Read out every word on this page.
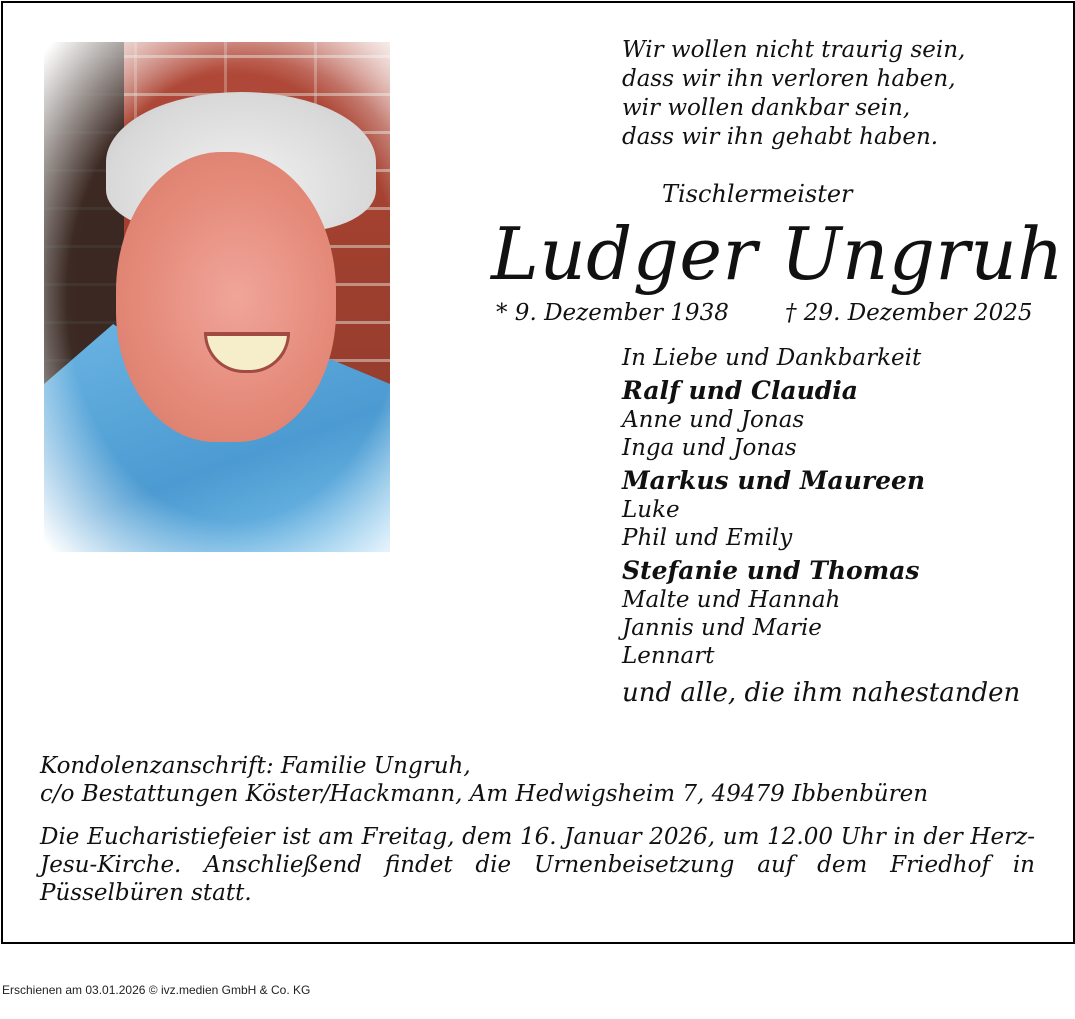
Wir wollen nicht traurig sein,
dass wir ihn verloren haben,
wir wollen dankbar sein,
dass wir ihn gehabt haben.
Tischlermeister
Ludger Ungruh
* 9. Dezember 1938 † 29. Dezember 2025
In Liebe und Dankbarkeit
Ralf und Claudia
Anne und Jonas
Inga und Jonas
Markus und Maureen
Luke
Phil und Emily
Stefanie und Thomas
Malte und Hannah
Jannis und Marie
Lennart
und alle, die ihm nahestanden
Kondolenzanschrift: Familie Ungruh,
c/o Bestattungen Köster/Hackmann, Am Hedwigsheim 7, 49479 Ibbenbüren
Die Eucharistiefeier ist am Freitag, dem 16. Januar 2026, um 12.00 Uhr in der Herz-Jesu-Kirche. Anschließend findet die Urnenbeisetzung auf dem Friedhof in Püsselbüren statt.
Erschienen am 03.01.2026 © ivz.medien GmbH & Co. KG
